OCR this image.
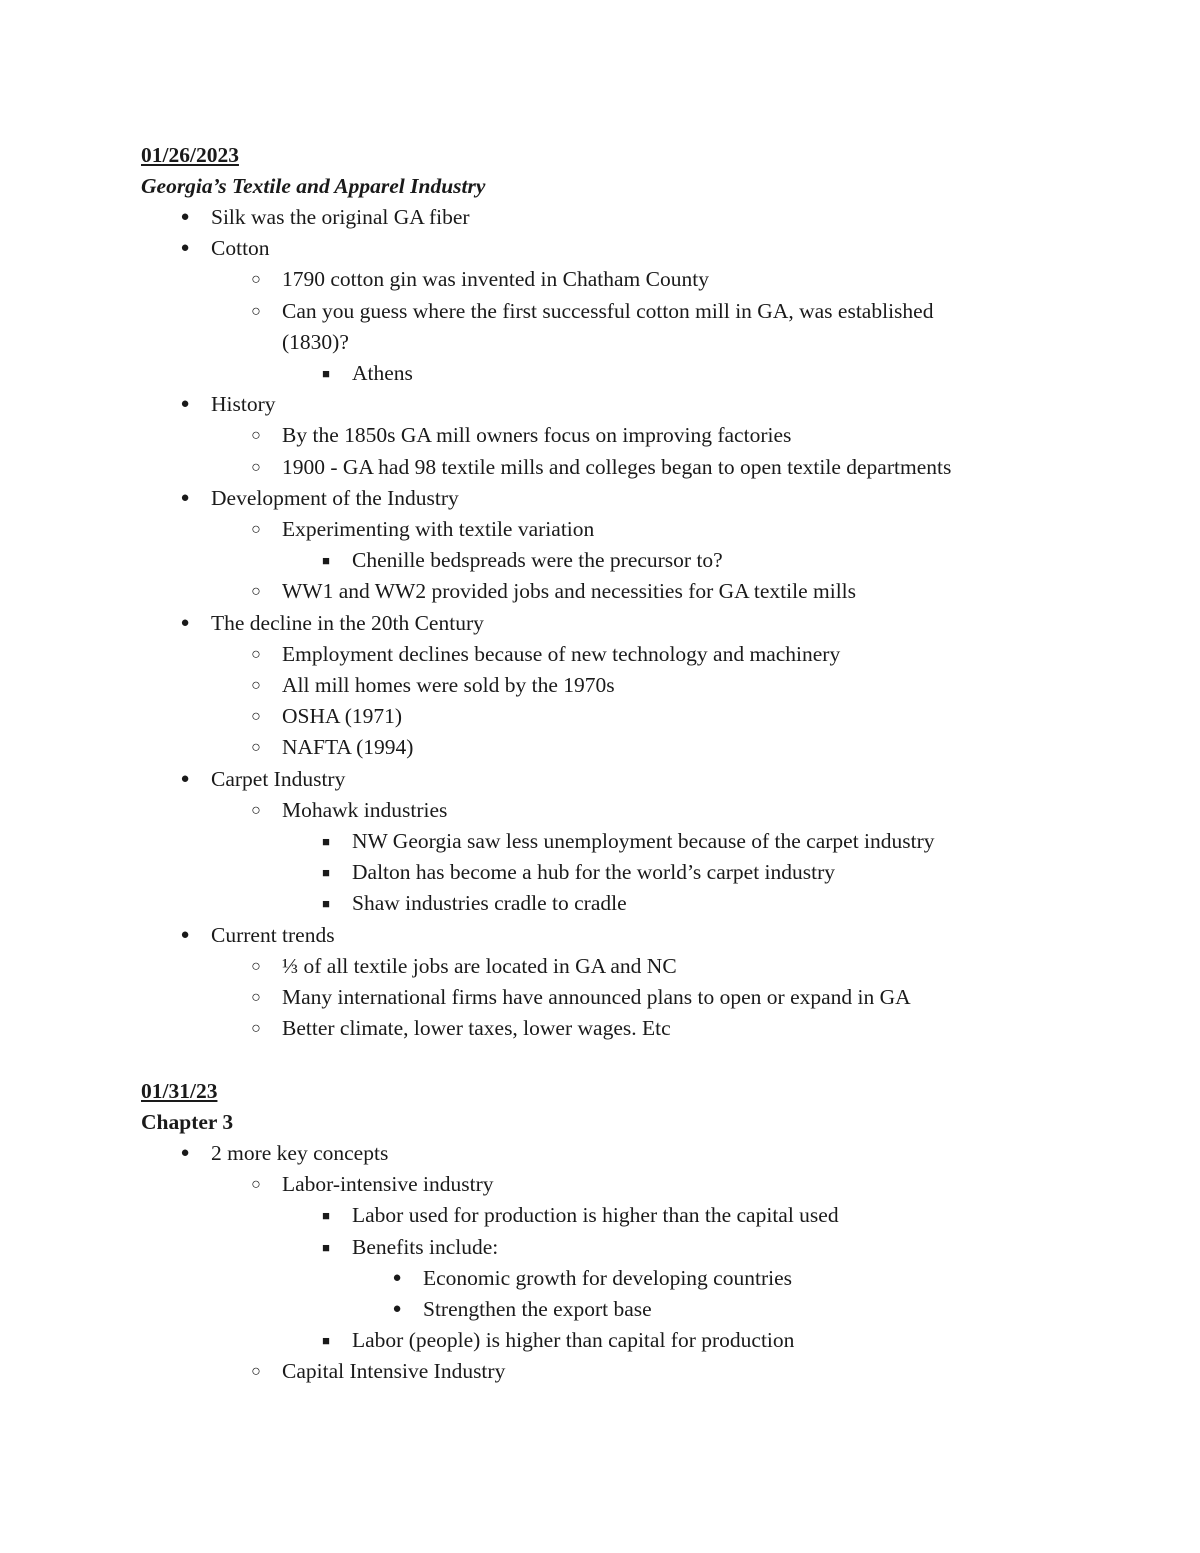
01/26/2023
Georgia’s Textile and Apparel Industry
● Silk was the original GA fiber
● Cotton
○ 1790 cotton gin was invented in Chatham County
○ Can you guess where the first successful cotton mill in GA, was established
(1830)?
■	Athens
● History
○ By the 1850s GA mill owners focus on improving factories
○ 1900 - GA had 98 textile mills and colleges began to open textile departments
● Development of the Industry
○ Experimenting with textile variation
■	Chenille bedspreads were the precursor to?
○ WW1 and WW2 provided jobs and necessities for GA textile mills
● The decline in the 20th Century
○ Employment declines because of new technology and machinery
○ All mill homes were sold by the 1970s
○ OSHA (1971)
○ NAFTA (1994)
● Carpet Industry
○ Mohawk industries
■	NW Georgia saw less unemployment because of the carpet industry
■	Dalton has become a hub for the world’s carpet industry
■	Shaw industries cradle to cradle
● Current trends
○ ⅓ of all textile jobs are located in GA and NC
○ Many international firms have announced plans to open or expand in GA
○ Better climate, lower taxes, lower wages. Etc
01/31/23
Chapter 3
● 2 more key concepts
○ Labor-intensive industry
■	Labor used for production is higher than the capital used
■	Benefits include:
● Economic growth for developing countries
● Strengthen the export base
■	Labor (people) is higher than capital for production
○ Capital Intensive Industry
